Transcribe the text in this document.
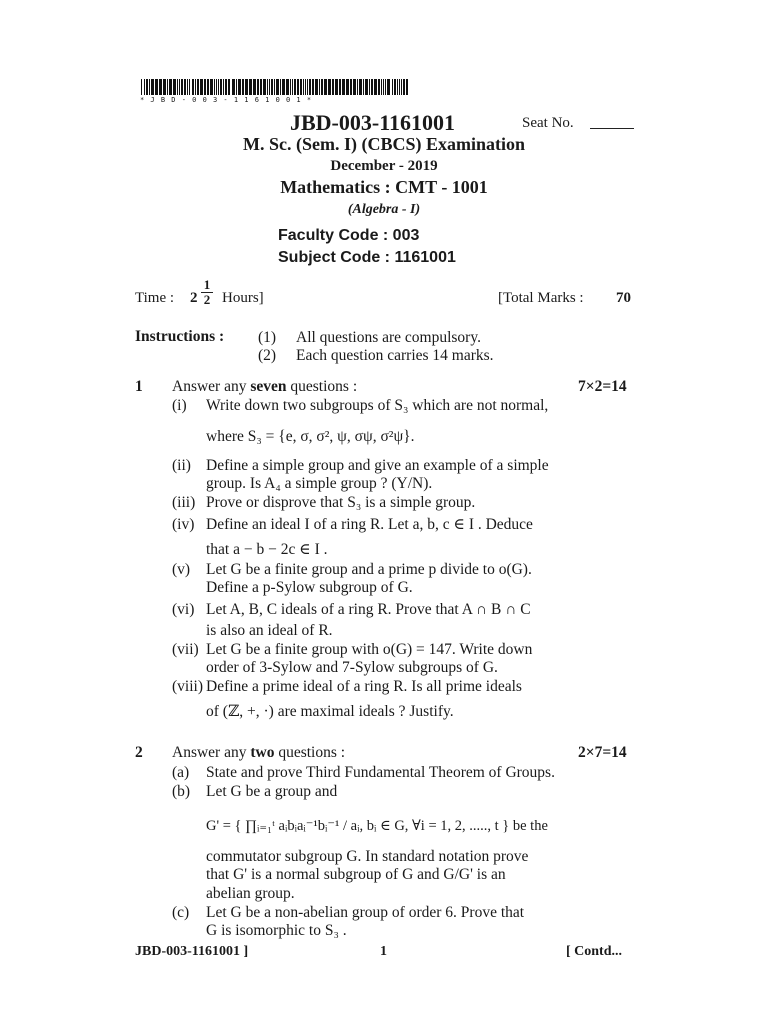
* J B D - 0 0 3 - 1 1 6 1 0 0 1 *
JBD-003-1161001	Seat No.
M. Sc. (Sem. I) (CBCS) Examination
December - 2019
Mathematics : CMT - 1001
(Algebra - I)
Faculty Code : 003
Subject Code : 1161001
Time : $2 \frac{1}{2}$ Hours]	[Total Marks : 70
Instructions : (1) All questions are compulsory.
(2) Each question carries 14 marks.
1 Answer any seven questions :	7×2=14
(i) Write down two subgroups of S₃ which are not normal,
where S₃ = {e, σ, σ², ψ, σψ, σ²ψ}.
(ii) Define a simple group and give an example of a simple
group. Is A₄ a simple group ? (Y/N).
(iii) Prove or disprove that S₃ is a simple group.
(iv) Define an ideal I of a ring R. Let a, b, c ∈ I . Deduce
that a − b − 2c ∈ I .
(v) Let G be a finite group and a prime p divide to o(G).
Define a p-Sylow subgroup of G.
(vi) Let A, B, C ideals of a ring R. Prove that A ∩ B ∩ C
is also an ideal of R.
(vii) Let G be a finite group with o(G) = 147. Write down
order of 3-Sylow and 7-Sylow subgroups of G.
(viii) Define a prime ideal of a ring R. Is all prime ideals
of (ℤ, +, ·) are maximal ideals ? Justify.
2 Answer any two questions :	2×7=14
(a) State and prove Third Fundamental Theorem of Groups.
(b) Let G be a group and
G' = { ∏ᵢ₌₁ᵗ aᵢbᵢaᵢ⁻¹bᵢ⁻¹ / aᵢ, bᵢ ∈ G, ∀i = 1, 2, ....., t } be the
commutator subgroup G. In standard notation prove
that G' is a normal subgroup of G and G/G' is an
abelian group.
(c) Let G be a non-abelian group of order 6. Prove that
G is isomorphic to S₃ .
JBD-003-1161001 ]	1	[ Contd...
